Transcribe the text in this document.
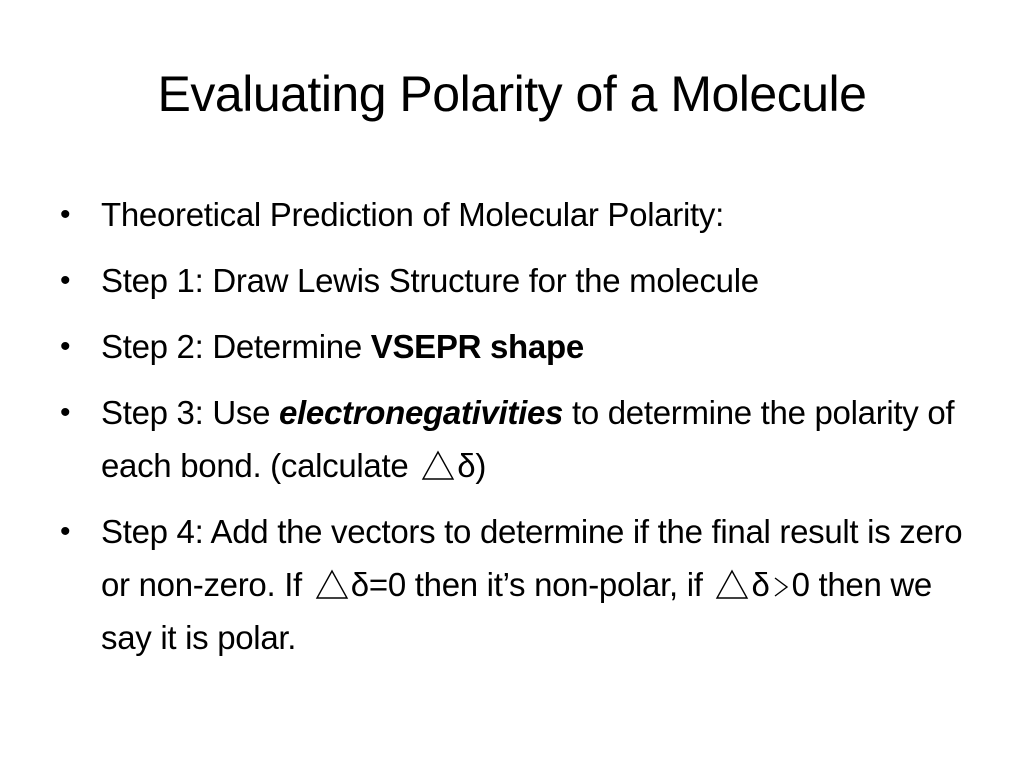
Evaluating Polarity of a Molecule
• Theoretical Prediction of Molecular Polarity:
• Step 1: Draw Lewis Structure for the molecule
• Step 2: Determine VSEPR shape
• Step 3: Use electronegativities to determine the polarity of each bond. (calculate
δ)
• Step 4: Add the vectors to determine if the final result is zero or non-zero. If
δ=0 then it’s non-polar, if
δ 0 then we say it is polar.
